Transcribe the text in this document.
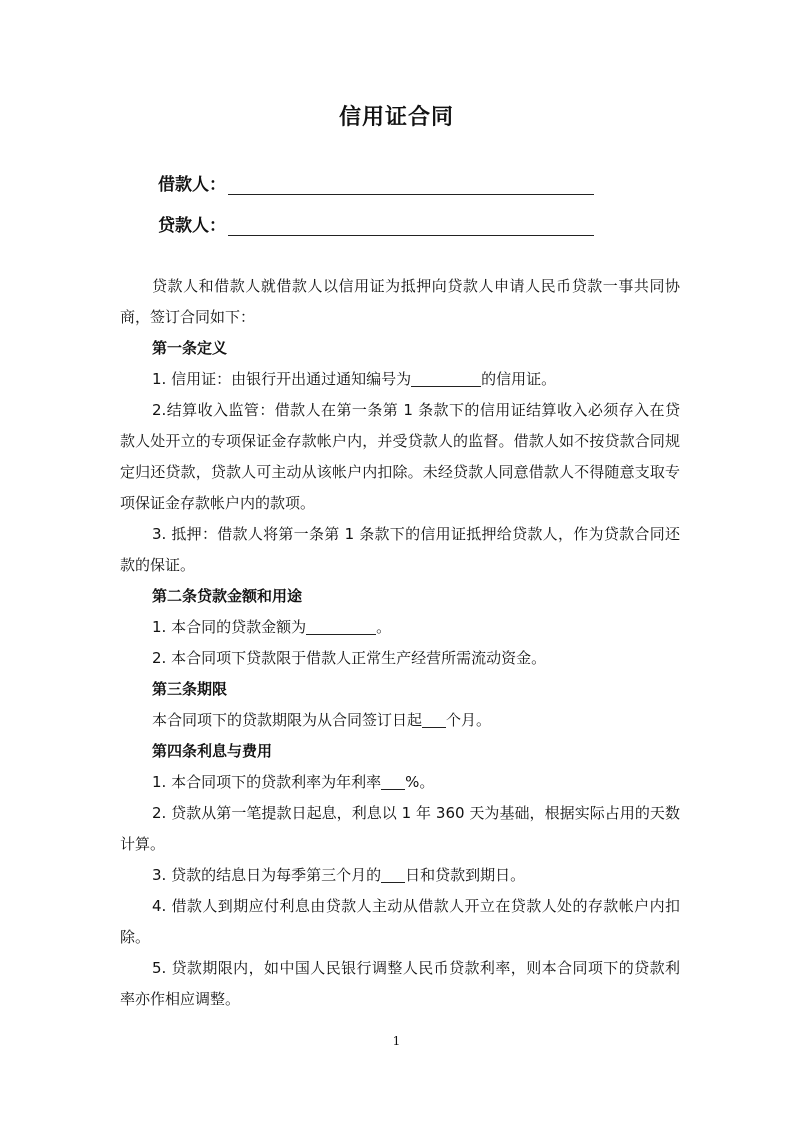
信用证合同
借款人：
贷款人：

贷款人和借款人就借款人以信用证为抵押向贷款人申请人民币贷款一事共同协商，签订合同如下：

第一条定义

1. 信用证：由银行开出通过通知编号为	的信用证。

2.结算收入监管：借款人在第一条第 1 条款下的信用证结算收入必须存入在贷款人处开立的专项保证金存款帐户内，并受贷款人的监督。借款人如不按贷款合同规定归还贷款，贷款人可主动从该帐户内扣除。未经贷款人同意借款人不得随意支取专项保证金存款帐户内的款项。

3. 抵押：借款人将第一条第 1 条款下的信用证抵押给贷款人，作为贷款合同还款的保证。

第二条贷款金额和用途

1. 本合同的贷款金额为	。

2. 本合同项下贷款限于借款人正常生产经营所需流动资金。

第三条期限

本合同项下的贷款期限为从合同签订日起 个月。

第四条利息与费用

1. 本合同项下的贷款利率为年利率 %。

2. 贷款从第一笔提款日起息，利息以 1 年 360 天为基础，根据实际占用的天数计算。

3. 贷款的结息日为每季第三个月的 日和贷款到期日。

4. 借款人到期应付利息由贷款人主动从借款人开立在贷款人处的存款帐户内扣除。

5. 贷款期限内，如中国人民银行调整人民币贷款利率，则本合同项下的贷款利率亦作相应调整。

1
